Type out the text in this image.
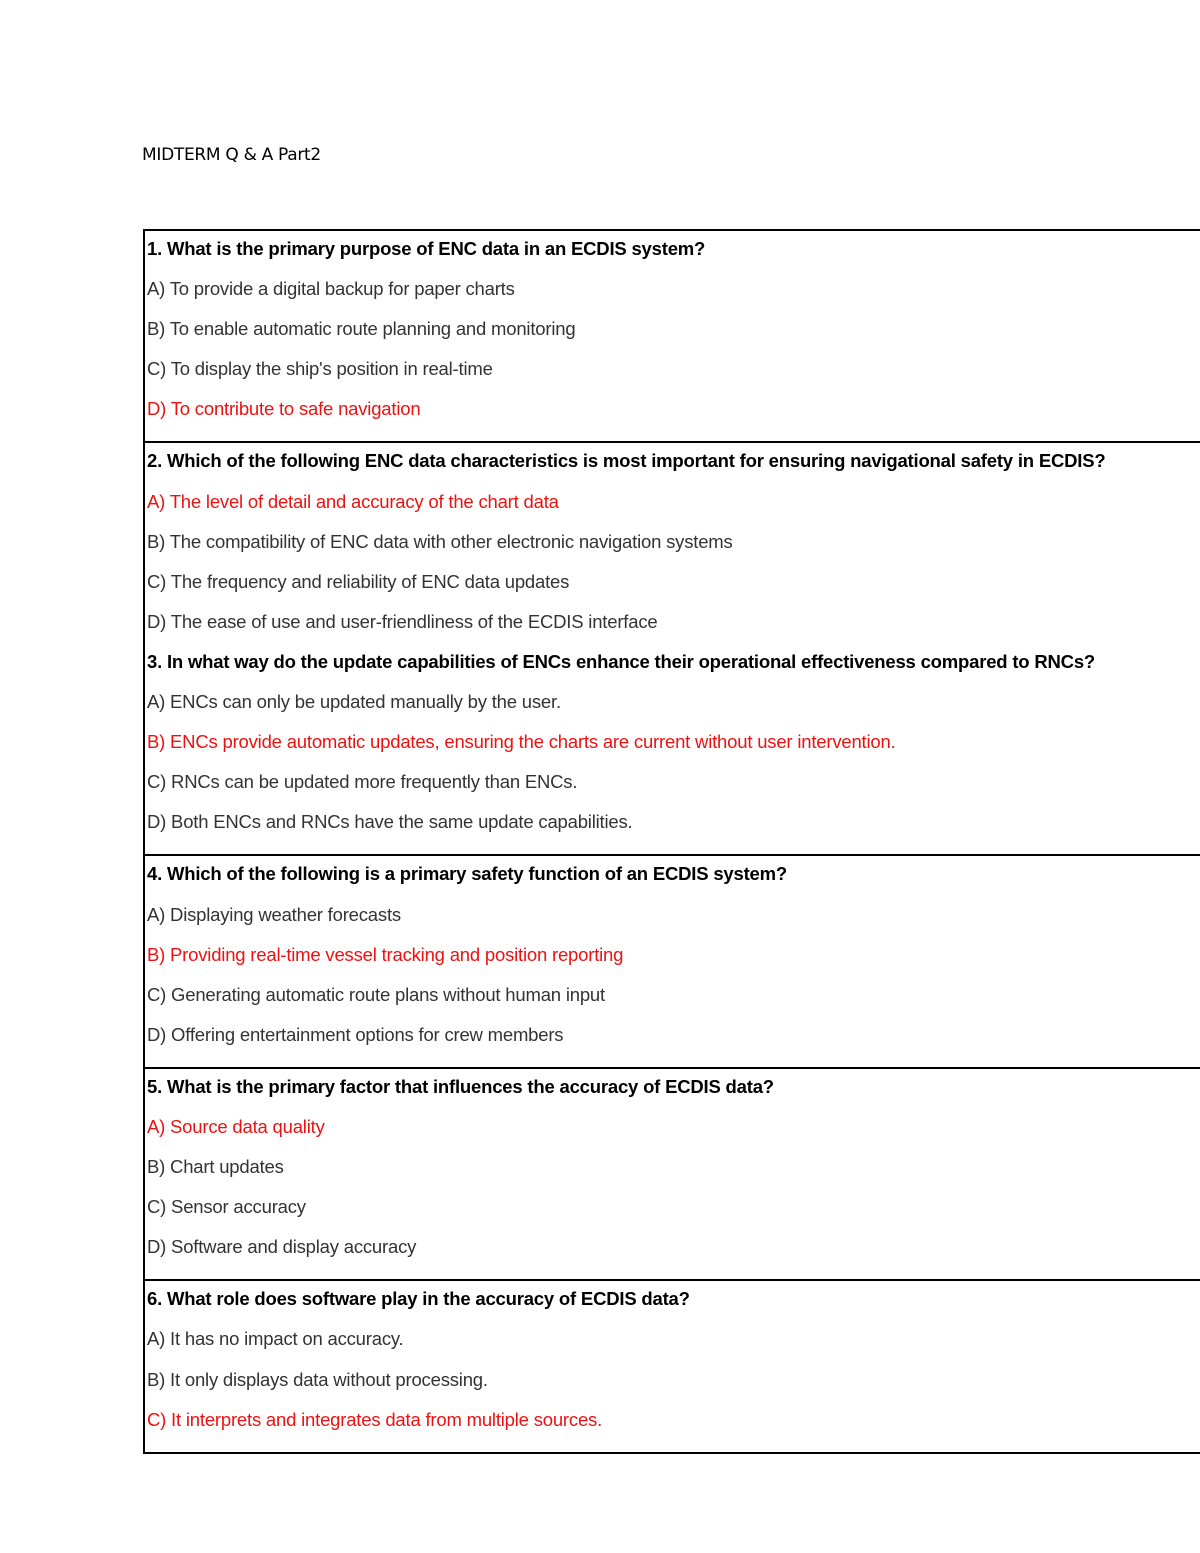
MIDTERM Q & A Part2
1. What is the primary purpose of ENC data in an ECDIS system?
A) To provide a digital backup for paper charts
B) To enable automatic route planning and monitoring
C) To display the ship's position in real-time
D) To contribute to safe navigation
2. Which of the following ENC data characteristics is most important for ensuring navigational safety in ECDIS?
A) The level of detail and accuracy of the chart data
B) The compatibility of ENC data with other electronic navigation systems
C) The frequency and reliability of ENC data updates
D) The ease of use and user-friendliness of the ECDIS interface
3. In what way do the update capabilities of ENCs enhance their operational effectiveness compared to RNCs?
A) ENCs can only be updated manually by the user.
B) ENCs provide automatic updates, ensuring the charts are current without user intervention.
C) RNCs can be updated more frequently than ENCs.
D) Both ENCs and RNCs have the same update capabilities.
4. Which of the following is a primary safety function of an ECDIS system?
A) Displaying weather forecasts
B) Providing real-time vessel tracking and position reporting
C) Generating automatic route plans without human input
D) Offering entertainment options for crew members
5. What is the primary factor that influences the accuracy of ECDIS data?
A) Source data quality
B) Chart updates
C) Sensor accuracy
D) Software and display accuracy
6. What role does software play in the accuracy of ECDIS data?
A) It has no impact on accuracy.
B) It only displays data without processing.
C) It interprets and integrates data from multiple sources.
